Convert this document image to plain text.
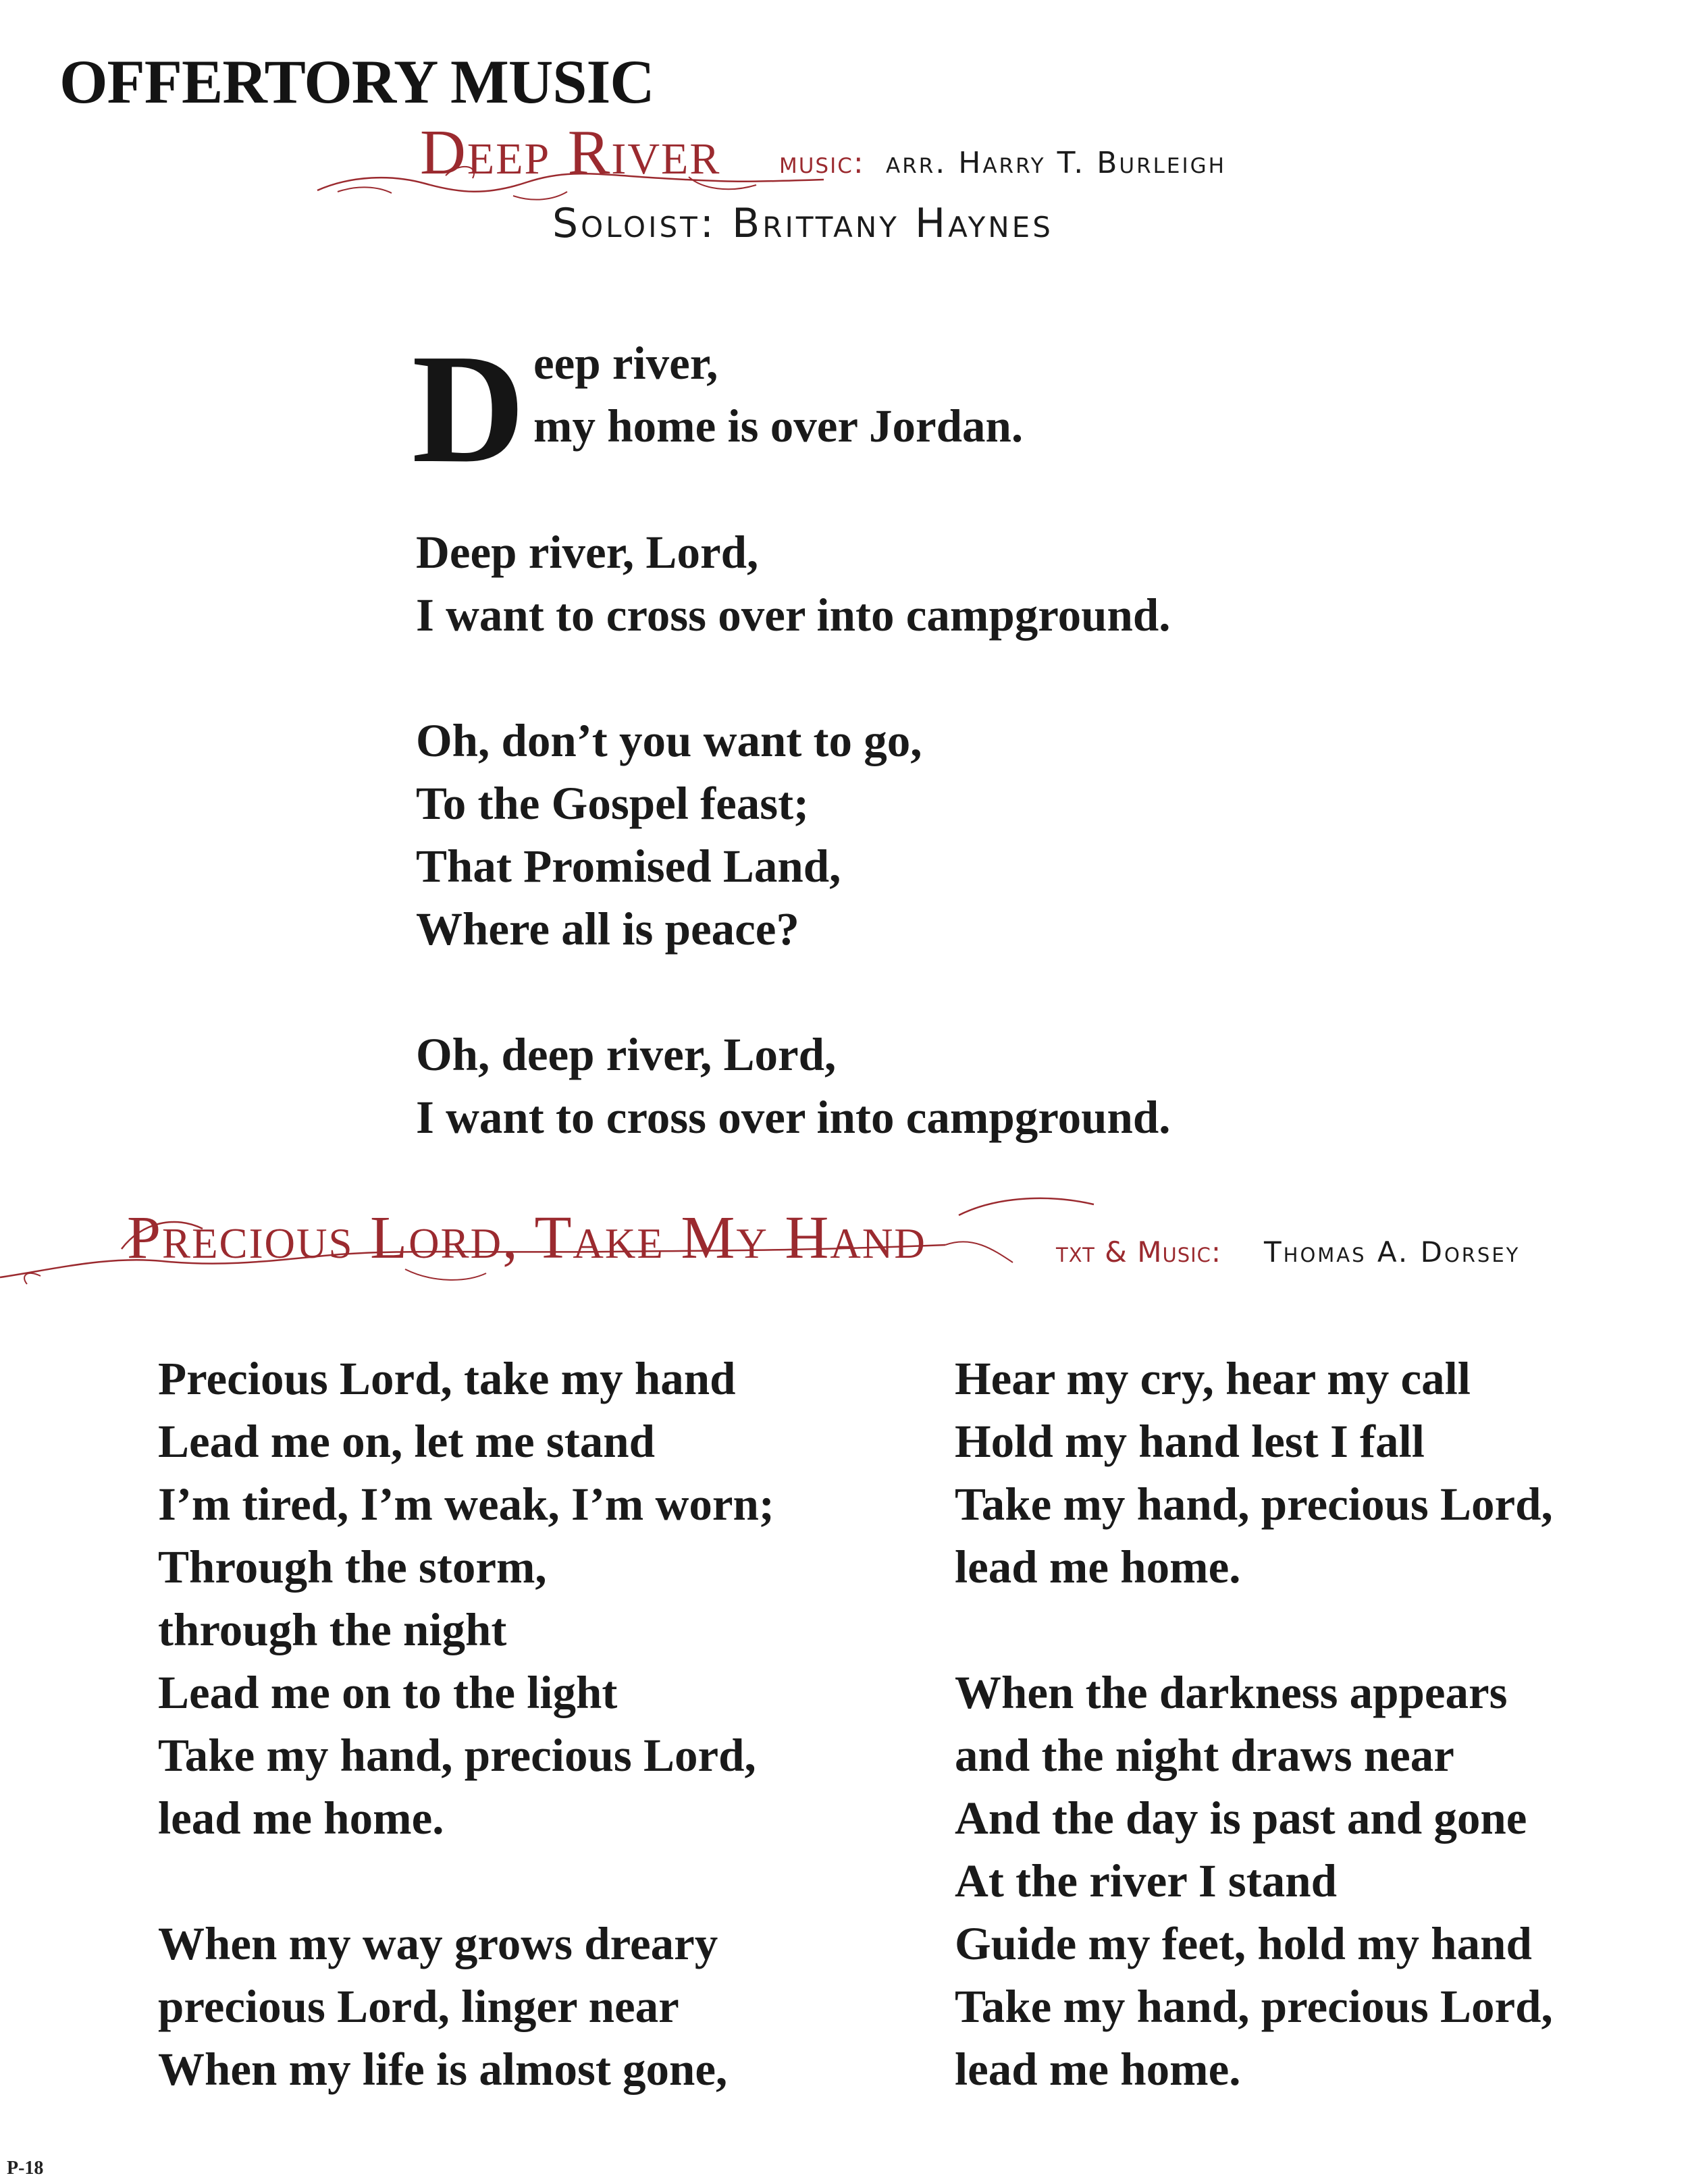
OFFERTORY MUSIC
Deep River music: arr. Harry T. Burleigh
Soloist: Brittany Haynes
D eep river,
my home is over Jordan.
Deep river, Lord,
I want to cross over into campground.
Oh, don’t you want to go,
To the Gospel feast;
That Promised Land,
Where all is peace?
Oh, deep river, Lord,
I want to cross over into campground.
Precious Lord, Take My Hand	txt & Music: Thomas A. Dorsey
Precious Lord, take my hand
Lead me on, let me stand
I’m tired, I’m weak, I’m worn;
Through the storm,
through the night
Lead me on to the light
Take my hand, precious Lord,
lead me home.
When my way grows dreary
precious Lord, linger near
When my life is almost gone,
Hear my cry, hear my call
Hold my hand lest I fall
Take my hand, precious Lord,
lead me home.
When the darkness appears
and the night draws near
And the day is past and gone
At the river I stand
Guide my feet, hold my hand
Take my hand, precious Lord,
lead me home.
P-18
